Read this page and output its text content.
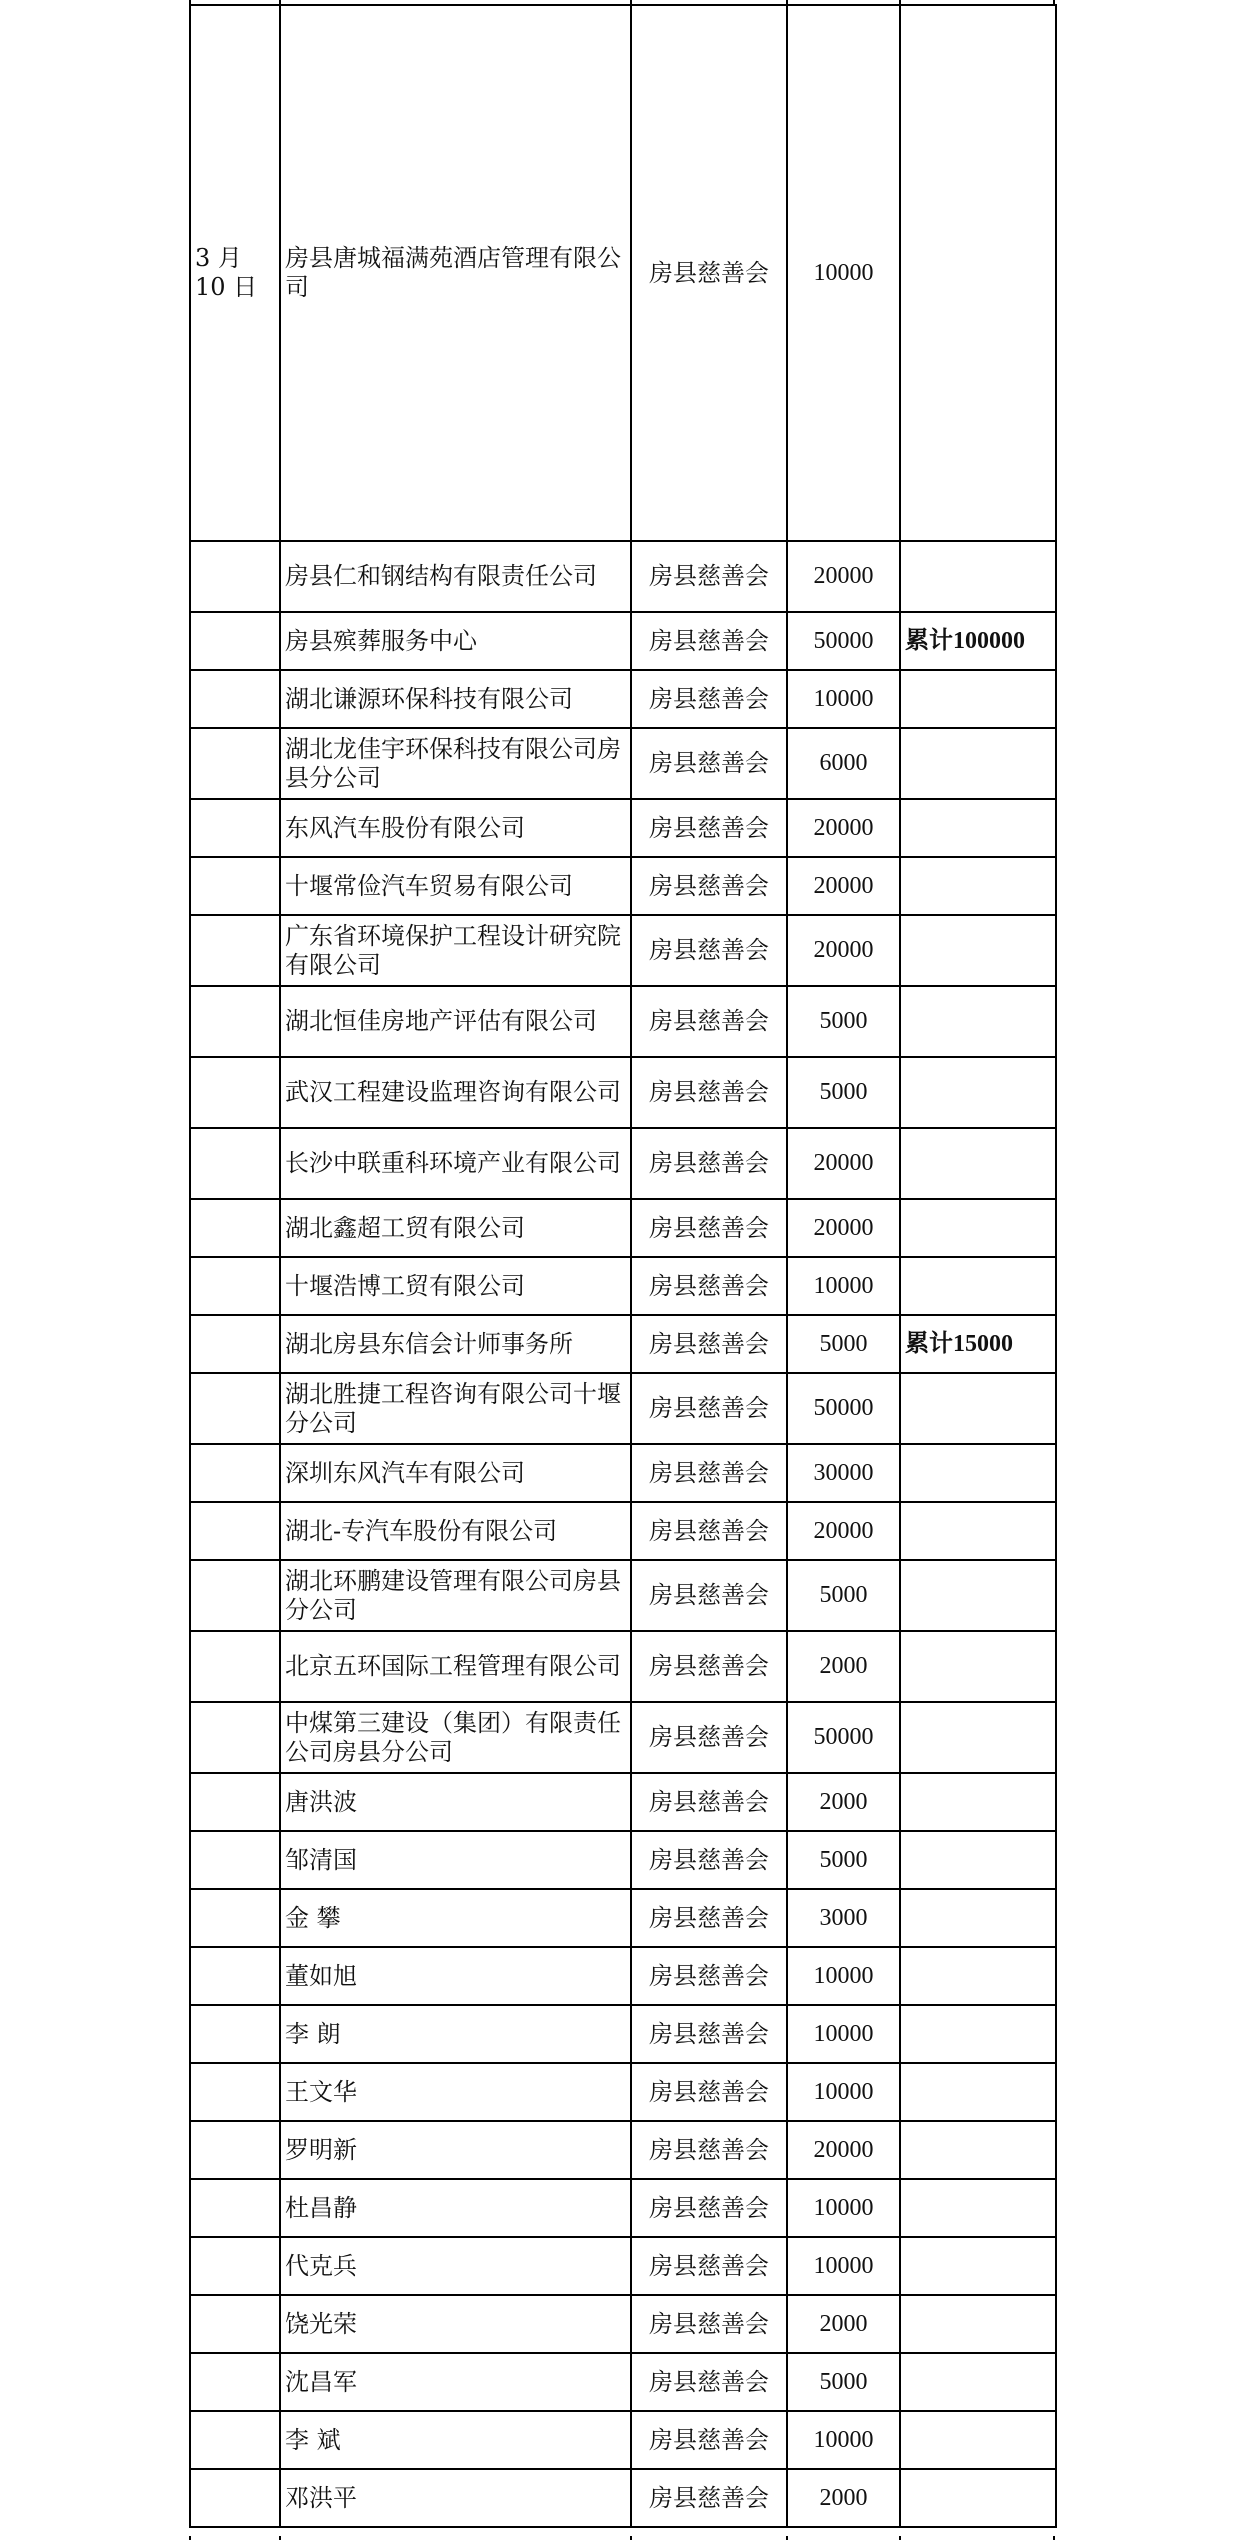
3 月 10 日	房县唐城福满苑酒店管理有限公司	房县慈善会	10000	
	房县仁和钢结构有限责任公司	房县慈善会	20000	
	房县殡葬服务中心	房县慈善会	50000	累计100000
	湖北谦源环保科技有限公司	房县慈善会	10000	
	湖北龙佳宇环保科技有限公司房县分公司	房县慈善会	6000	
	东风汽车股份有限公司	房县慈善会	20000	
	十堰常俭汽车贸易有限公司	房县慈善会	20000	
	广东省环境保护工程设计研究院有限公司	房县慈善会	20000	
	湖北恒佳房地产评估有限公司	房县慈善会	5000	
	武汉工程建设监理咨询有限公司	房县慈善会	5000	
	长沙中联重科环境产业有限公司	房县慈善会	20000	
	湖北鑫超工贸有限公司	房县慈善会	20000	
	十堰浩博工贸有限公司	房县慈善会	10000	
	湖北房县东信会计师事务所	房县慈善会	5000	累计15000
	湖北胜捷工程咨询有限公司十堰分公司	房县慈善会	50000	
	深圳东风汽车有限公司	房县慈善会	30000	
	湖北-专汽车股份有限公司	房县慈善会	20000	
	湖北环鹏建设管理有限公司房县分公司	房县慈善会	5000	
	北京五环国际工程管理有限公司	房县慈善会	2000	
	中煤第三建设（集团）有限责任公司房县分公司	房县慈善会	50000	
	唐洪波	房县慈善会	2000	
	邹清国	房县慈善会	5000	
	金 攀	房县慈善会	3000	
	董如旭	房县慈善会	10000	
	李 朗	房县慈善会	10000	
	王文华	房县慈善会	10000	
	罗明新	房县慈善会	20000	
	杜昌静	房县慈善会	10000	
	代克兵	房县慈善会	10000	
	饶光荣	房县慈善会	2000	
	沈昌军	房县慈善会	5000	
	李 斌	房县慈善会	10000	
	邓洪平	房县慈善会	2000	
